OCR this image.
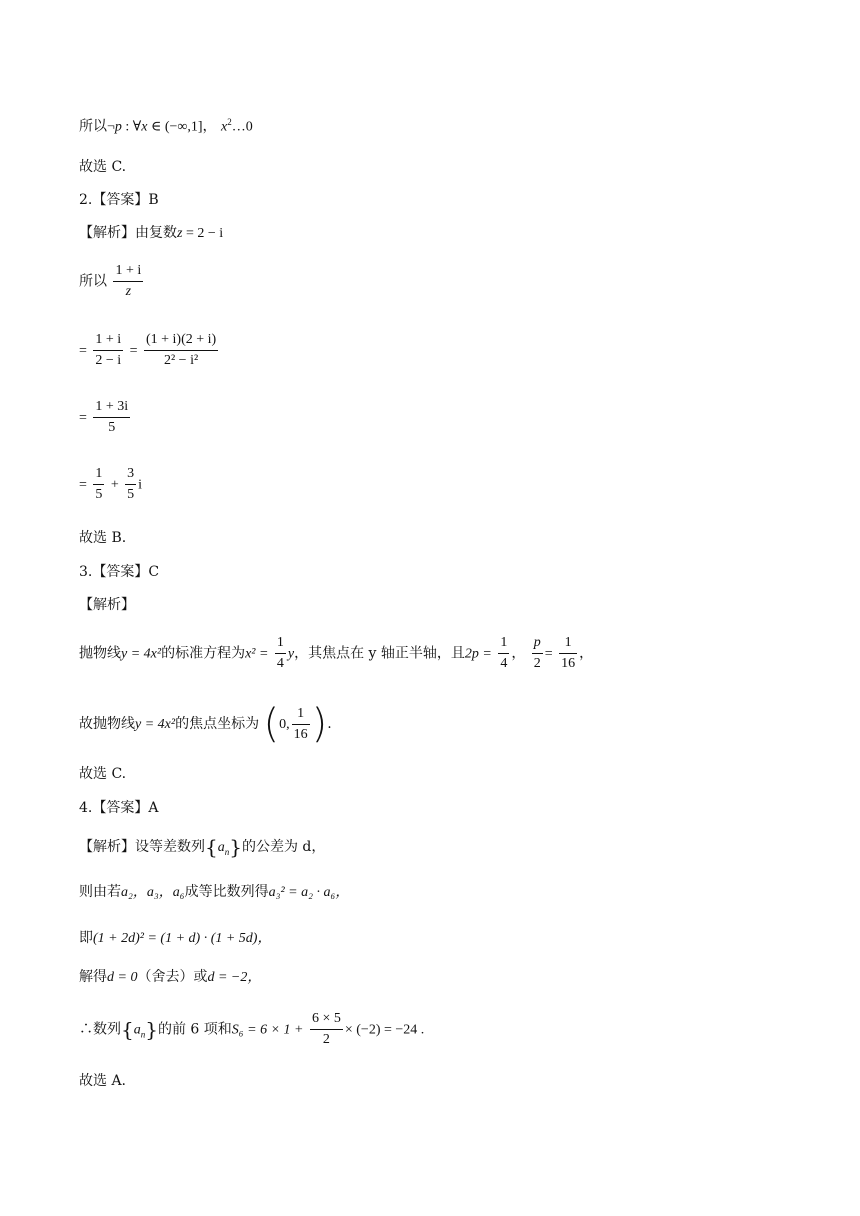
所以¬p : ∀x ∈ (−∞,1]， $x^2\dots 0$
故选 C.
2.【答案】B
【解析】由复数z = 2 − i
所以 $\frac{1 + i}{z}$
= $\frac{1 + i}{2 - i} = \frac{(1 + i)(2 + i)}{\text{2² − i²}}$
= $\frac{1 + 3i}{5}$
= $\frac{1}{5} + \frac{3}{5}$ i
故选 B.
3.【答案】C
【解析】
抛物线y = 4x²的标准方程为$x^2 = \frac{1}{4}$ y，其焦点在 y 轴正半轴，且$2p = \frac{1}{4}$ ， $\frac{p}{2} = \frac{1}{16}$ ，
故抛物线y = 4x²的焦点坐标为 (0, $\frac{1}{16}$ ).
故选 C.
4.【答案】A
【解析】设等差数列$\{a_n\}$的公差为 d，
则由若a₂，a₃，a₆成等比数列得a₃² = a₂ · a₆，
即(1 + 2d)² = (1 + d) · (1 + 5d)，
解得d = 0（舍去）或d = −2，
∴数列$\{a_n\}$的前 6 项和$S_6 = 6 \times 1 + \frac{6 \times 5}{2} \times (-2) = -24$ .
故选 A.
